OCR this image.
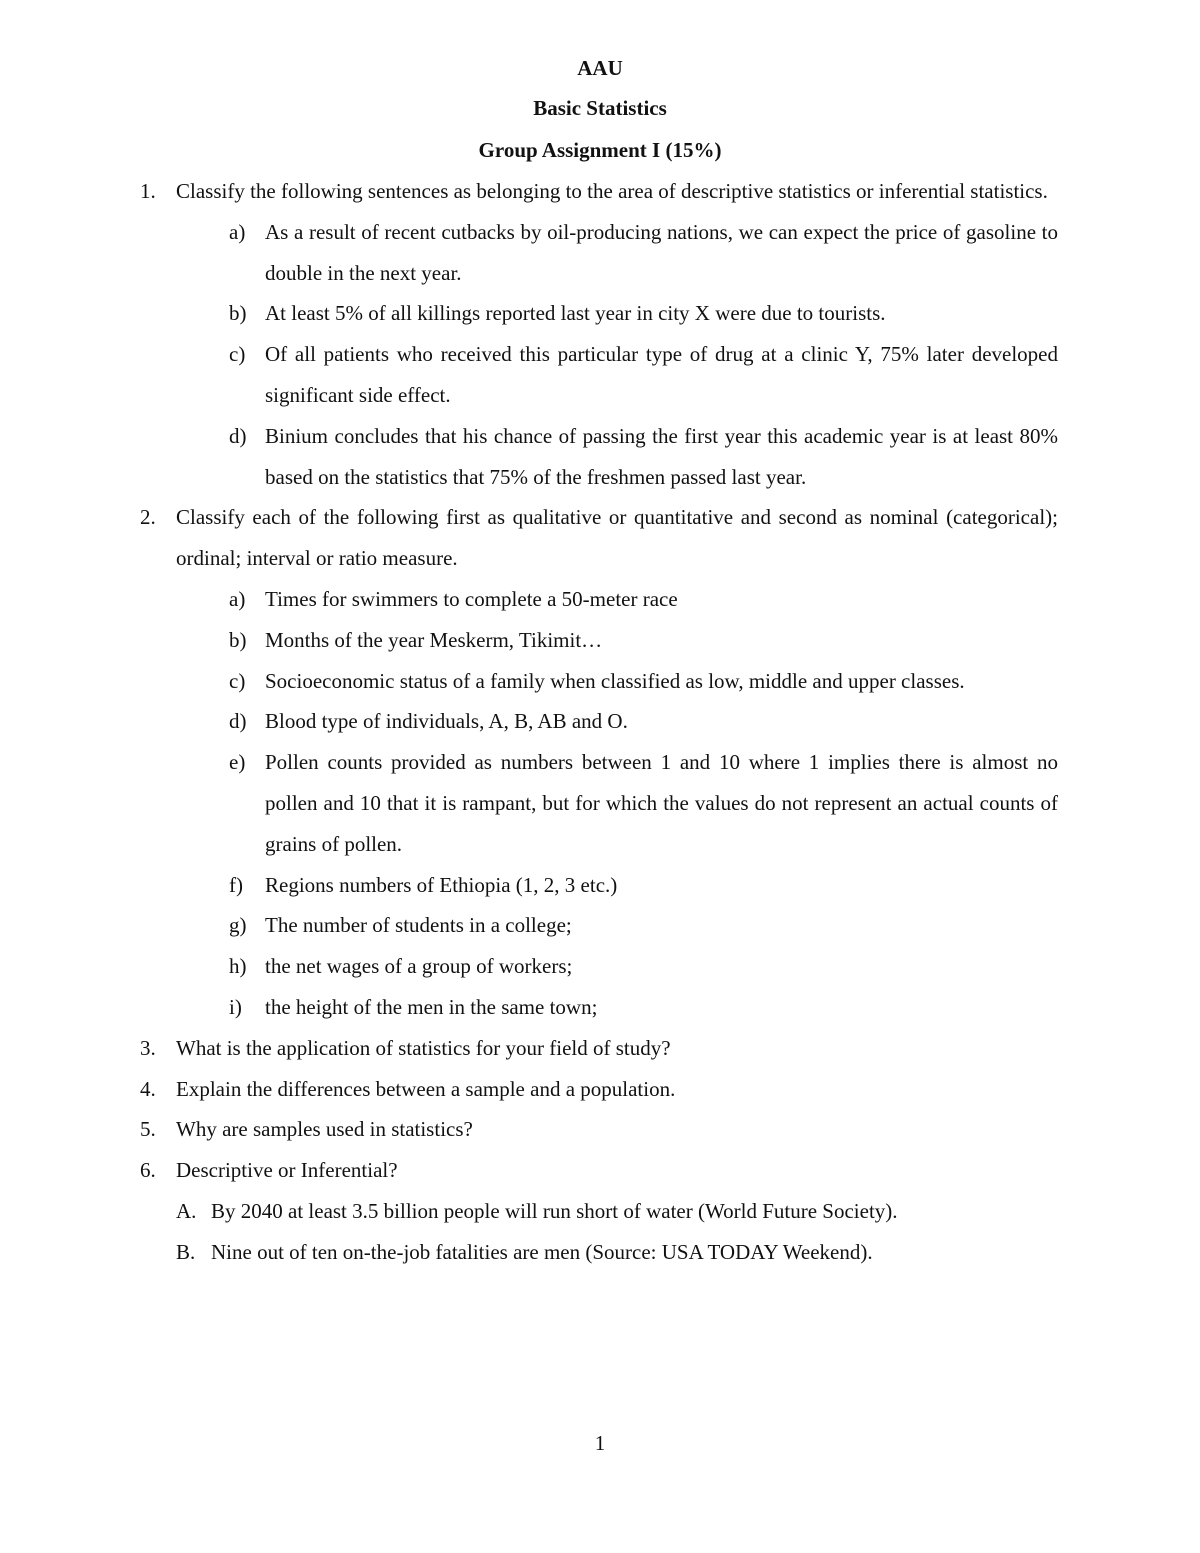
AAU
Basic Statistics
Group Assignment I (15%)
1. Classify the following sentences as belonging to the area of descriptive statistics or inferential statistics.
a) As a result of recent cutbacks by oil-producing nations, we can expect the price of gasoline to double in the next year.
b) At least 5% of all killings reported last year in city X were due to tourists.
c) Of all patients who received this particular type of drug at a clinic Y, 75% later developed significant side effect.
d) Binium concludes that his chance of passing the first year this academic year is at least 80% based on the statistics that 75% of the freshmen passed last year.
2. Classify each of the following first as qualitative or quantitative and second as nominal (categorical); ordinal; interval or ratio measure.
a) Times for swimmers to complete a 50-meter race
b) Months of the year Meskerm, Tikimit…
c) Socioeconomic status of a family when classified as low, middle and upper classes.
d) Blood type of individuals, A, B, AB and O.
e) Pollen counts provided as numbers between 1 and 10 where 1 implies there is almost no pollen and 10 that it is rampant, but for which the values do not represent an actual counts of grains of pollen.
f) Regions numbers of Ethiopia (1, 2, 3 etc.)
g) The number of students in a college;
h) the net wages of a group of workers;
i) the height of the men in the same town;
3. What is the application of statistics for your field of study?
4. Explain the differences between a sample and a population.
5. Why are samples used in statistics?
6. Descriptive or Inferential?
A. By 2040 at least 3.5 billion people will run short of water (World Future Society).
B. Nine out of ten on-the-job fatalities are men (Source: USA TODAY Weekend).
1
